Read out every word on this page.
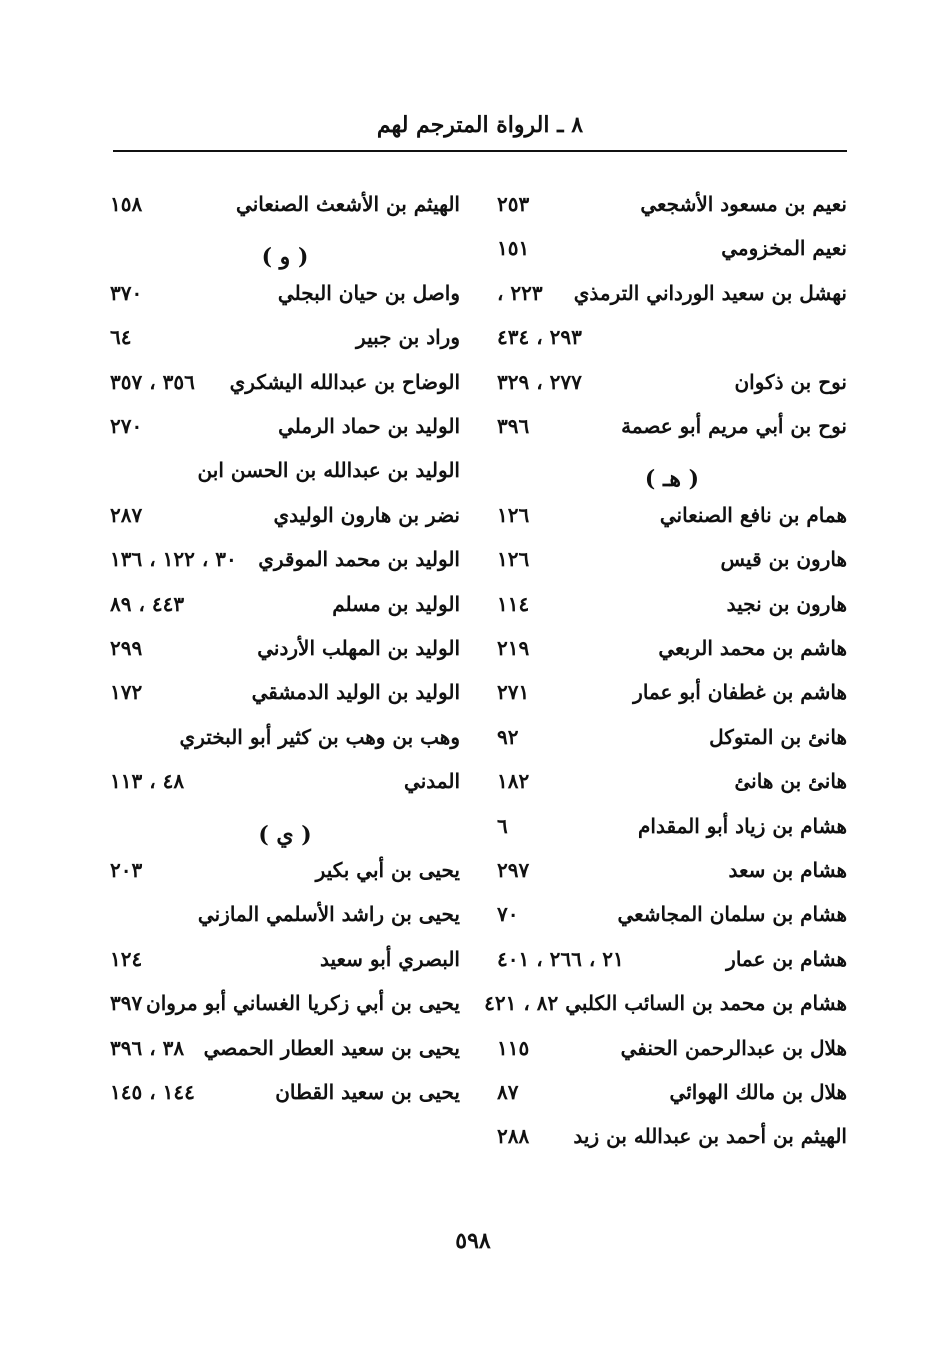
٨ ـ الرواة المترجم لهم
نعيم بن مسعود الأشجعي
٢٥٣
نعيم المخزومي
١٥١
نهشل بن سعيد الورداني الترمذي
٢٢٣ ،
٢٩٣ ، ٤٣٤
نوح بن ذكوان
٢٧٧ ، ٣٢٩
نوح بن أبي مريم أبو عصمة
٣٩٦
( هـ )
همام بن نافع الصنعاني
١٢٦
هارون بن قيس
١٢٦
هارون بن نجيد
١١٤
هاشم بن محمد الربعي
٢١٩
هاشم بن غطفان أبو عمار
٢٧١
هانئ بن المتوكل
٩٢
هانئ بن هانئ
١٨٢
هشام بن زياد أبو المقدام
٦
هشام بن سعد
٢٩٧
هشام بن سلمان المجاشعي
٧٠
هشام بن عمار
٢١ ، ٢٦٦ ، ٤٠١
هشام بن محمد بن السائب الكلبي ٨٢ ، ٤٢١
هلال بن عبدالرحمن الحنفي
١١٥
هلال بن مالك الهوائي
٨٧
الهيثم بن أحمد بن عبدالله بن زيد
٢٨٨
الهيثم بن الأشعث الصنعاني
١٥٨
( و )
واصل بن حيان البجلي
٣٧٠
وراد بن جبير
٦٤
الوضاح بن عبدالله اليشكري
٣٥٦ ، ٣٥٧
الوليد بن حماد الرملي
٢٧٠
الوليد بن عبدالله بن الحسن ابن
نضر بن هارون الوليدي
٢٨٧
الوليد بن محمد الموقري
٣٠ ، ١٢٢ ، ١٣٦
الوليد بن مسلم
٤٤٣ ، ٨٩
الوليد بن المهلب الأردني
٢٩٩
الوليد بن الوليد الدمشقي
١٧٢
وهب بن وهب بن كثير أبو البختري
المدني
٤٨ ، ١١٣
( ي )
يحيى بن أبي بكير
٢٠٣
يحيى بن راشد الأسلمي المازني
البصري أبو سعيد
١٢٤
يحيى بن أبي زكريا الغساني أبو مروان
٣٩٧
يحيى بن سعيد العطار الحمصي
٣٨ ، ٣٩٦
يحيى بن سعيد القطان
١٤٤ ، ١٤٥
٥٩٨
